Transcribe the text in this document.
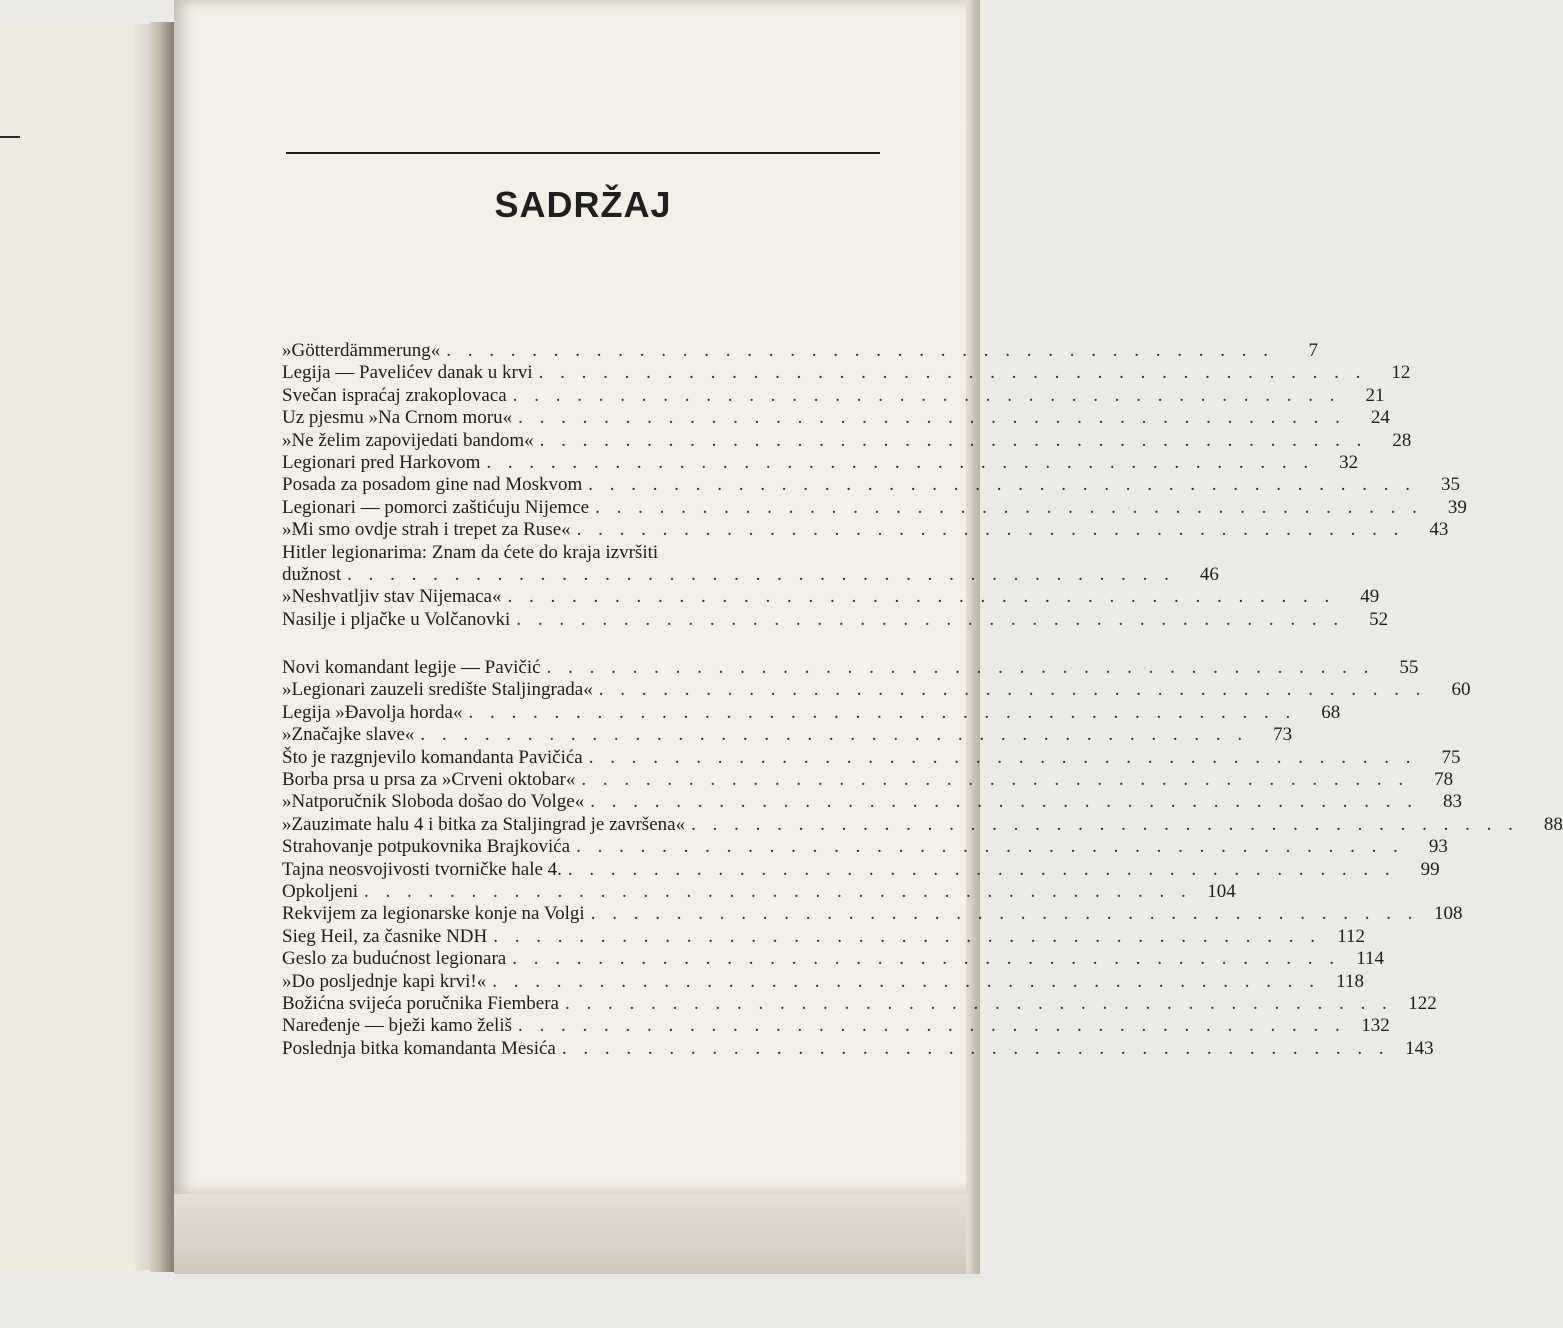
SADRŽAJ
»Götterdämmerung« . . . . . . . . . . . . . . . . . . . . . . . . . . . . . . . . . . . . . . .	7
Legija — Pavelićev danak u krvi . . . . . . . . . . . . . . . . . . . . . . . . . . . . . . . . . . . . . . .	12
Svečan ispraćaj zrakoplovaca . . . . . . . . . . . . . . . . . . . . . . . . . . . . . . . . . . . . . . .	21
Uz pjesmu »Na Crnom moru« . . . . . . . . . . . . . . . . . . . . . . . . . . . . . . . . . . . . . . .	24
»Ne želim zapovijedati bandom« . . . . . . . . . . . . . . . . . . . . . . . . . . . . . . . . . . . . . . .	28
Legionari pred Harkovom . . . . . . . . . . . . . . . . . . . . . . . . . . . . . . . . . . . . . . .	32
Posada za posadom gine nad Moskvom . . . . . . . . . . . . . . . . . . . . . . . . . . . . . . . . . . . . . . .	35
Legionari — pomorci zaštićuju Nijemce . . . . . . . . . . . . . . . . . . . . . . . . . . . . . . . . . . . . . . .	39
»Mi smo ovdje strah i trepet za Ruse« . . . . . . . . . . . . . . . . . . . . . . . . . . . . . . . . . . . . . . .	43
Hitler legionarima: Znam da ćete do kraja izvršiti
dužnost . . . . . . . . . . . . . . . . . . . . . . . . . . . . . . . . . . . . . . .	46
»Neshvatljiv stav Nijemaca« . . . . . . . . . . . . . . . . . . . . . . . . . . . . . . . . . . . . . . .	49
Nasilje i pljačke u Volčanovki . . . . . . . . . . . . . . . . . . . . . . . . . . . . . . . . . . . . . . .	52
Novi komandant legije — Pavičić . . . . . . . . . . . . . . . . . . . . . . . . . . . . . . . . . . . . . . .	55
»Legionari zauzeli središte Staljingrada« . . . . . . . . . . . . . . . . . . . . . . . . . . . . . . . . . . . . . . .	60
Legija »Đavolja horda« . . . . . . . . . . . . . . . . . . . . . . . . . . . . . . . . . . . . . . .	68
»Značajke slave« . . . . . . . . . . . . . . . . . . . . . . . . . . . . . . . . . . . . . . .	73
Što je razgnjevilo komandanta Pavičića . . . . . . . . . . . . . . . . . . . . . . . . . . . . . . . . . . . . . . .	75
Borba prsa u prsa za »Crveni oktobar« . . . . . . . . . . . . . . . . . . . . . . . . . . . . . . . . . . . . . . .	78
»Natporučnik Sloboda došao do Volge« . . . . . . . . . . . . . . . . . . . . . . . . . . . . . . . . . . . . . . .	83
»Zauzimate halu 4 i bitka za Staljingrad je završena« . . . . . . . . . . . . . . . . . . . . . . . . . . . . . . . . . . . . . . .	88
Strahovanje potpukovnika Brajkovića . . . . . . . . . . . . . . . . . . . . . . . . . . . . . . . . . . . . . . .	93
Tajna neosvojivosti tvorničke hale 4. . . . . . . . . . . . . . . . . . . . . . . . . . . . . . . . . . . . . . . .	99
Opkoljeni . . . . . . . . . . . . . . . . . . . . . . . . . . . . . . . . . . . . . . . 104
Rekvijem za legionarske konje na Volgi . . . . . . . . . . . . . . . . . . . . . . . . . . . . . . . . . . . . . . . 108
Sieg Heil, za časnike NDH . . . . . . . . . . . . . . . . . . . . . . . . . . . . . . . . . . . . . . . 112
Geslo za budućnost legionara . . . . . . . . . . . . . . . . . . . . . . . . . . . . . . . . . . . . . . . 114
»Do posljednje kapi krvi!« . . . . . . . . . . . . . . . . . . . . . . . . . . . . . . . . . . . . . . . 118
Božićna svijeća poručnika Fiembera . . . . . . . . . . . . . . . . . . . . . . . . . . . . . . . . . . . . . . . 122
Naređenje — bježi kamo želiš . . . . . . . . . . . . . . . . . . . . . . . . . . . . . . . . . . . . . . . 132
Poslednja bitka komandanta Mesića . . . . . . . . . . . . . . . . . . . . . . . . . . . . . . . . . . . . . . . 143
